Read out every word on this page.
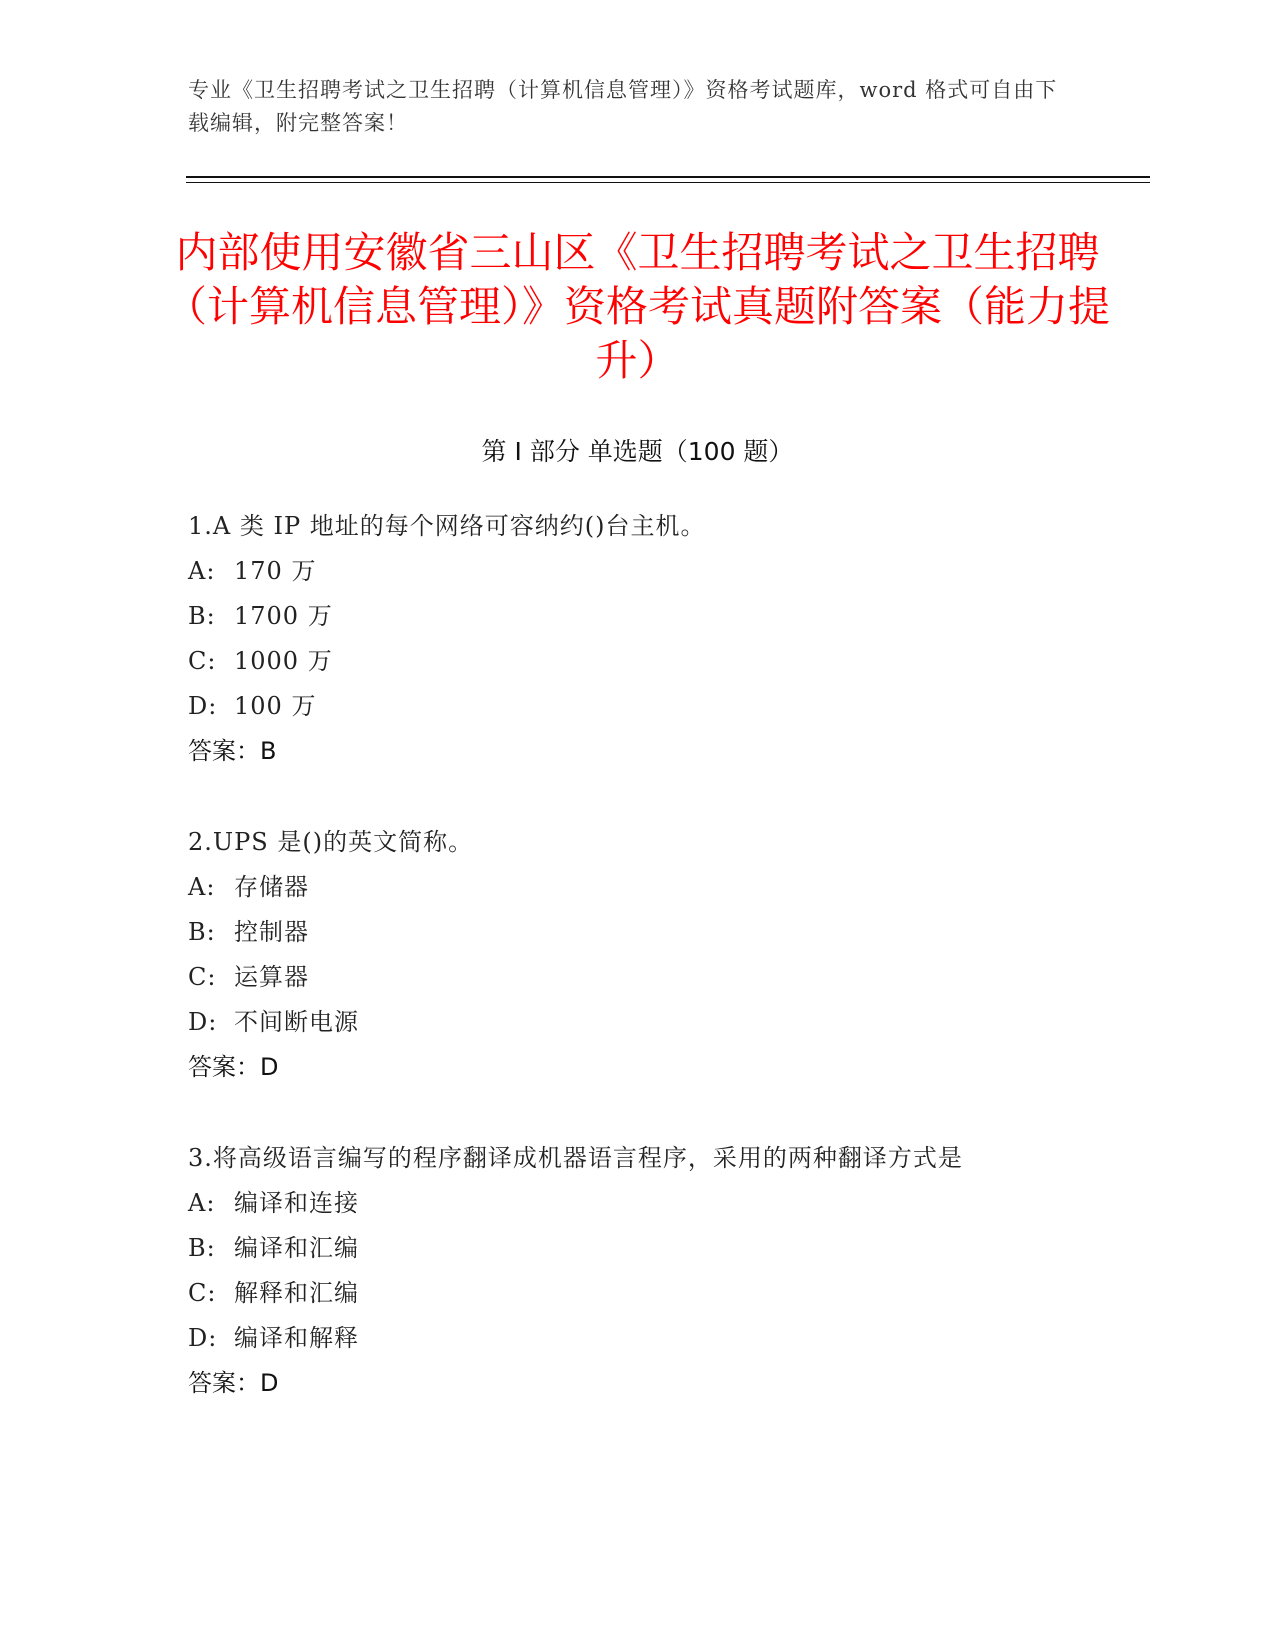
专业《卫生招聘考试之卫生招聘（计算机信息管理）》资格考试题库，word 格式可自由下载编辑，附完整答案！
内部使用安徽省三山区《卫生招聘考试之卫生招聘（计算机信息管理）》资格考试真题附答案（能力提升）
第 I 部分 单选题（100 题）
1.A 类 IP 地址的每个网络可容纳约()台主机。
A: 170 万
B: 1700 万
C: 1000 万
D: 100 万
答案：B
2.UPS 是()的英文简称。
A: 存储器
B: 控制器
C: 运算器
D: 不间断电源
答案：D
3.将高级语言编写的程序翻译成机器语言程序，采用的两种翻译方式是
A: 编译和连接
B: 编译和汇编
C: 解释和汇编
D: 编译和解释
答案：D
